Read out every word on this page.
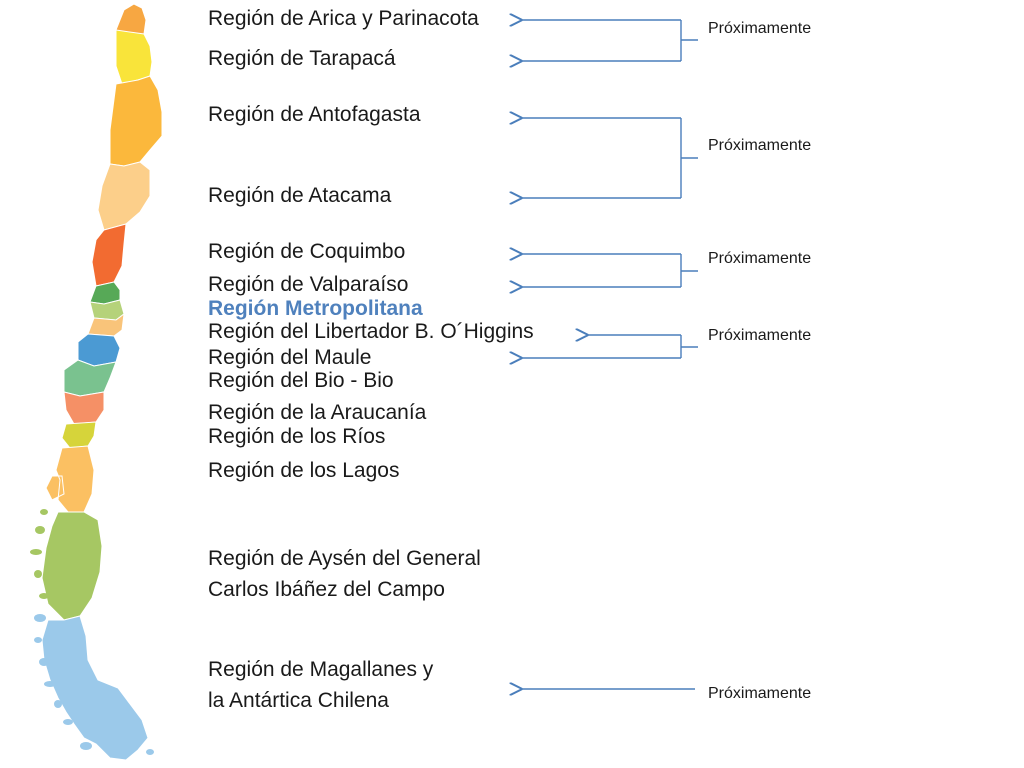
Región de Arica y Parinacota
Región de Tarapacá
Región de Antofagasta
Región de Atacama
Región de Coquimbo
Región de Valparaíso
Región Metropolitana
Región del Libertador B. O´Higgins
Región del Maule
Región del Bio - Bio
Región de la Araucanía
Región de los Ríos
Región de los Lagos
Región de Aysén del General
Carlos Ibáñez del Campo
Región de Magallanes y
la Antártica Chilena
Próximamente
Próximamente
Próximamente
Próximamente
Próximamente
